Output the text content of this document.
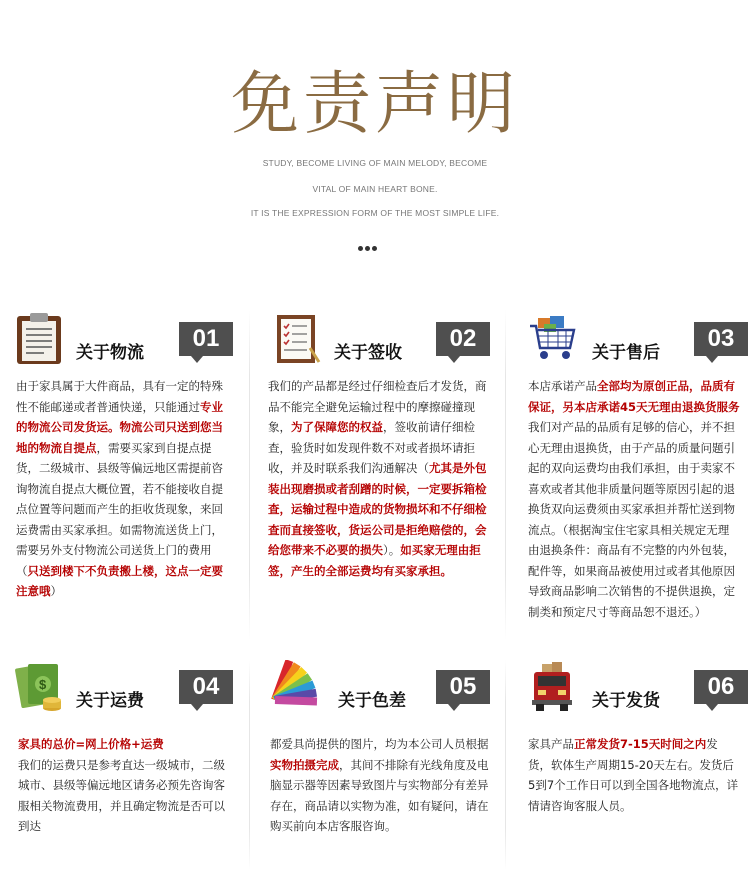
免责声明
STUDY, BECOME LIVING OF MAIN MELODY, BECOME
VITAL OF MAIN HEART BONE.
IT IS THE EXPRESSION FORM OF THE MOST SIMPLE LIFE.
关于物流
01
由于家具属于大件商品，具有一定的特殊性不能邮递或者普通快递，只能通过专业的物流公司发货运。物流公司只送到您当地的物流自提点，需要买家到自提点提货，二级城市、县级等偏远地区需提前咨询物流自提点大概位置，若不能接收自提点位置等问题而产生的拒收货现象，来回运费需由买家承担。如需物流送货上门，需要另外支付物流公司送货上门的费用（只送到楼下不负责搬上楼，这点一定要注意哦）
关于签收
02
我们的产品都是经过仔细检查后才发货，商品不能完全避免运输过程中的摩擦碰撞现象，为了保障您的权益，签收前请仔细检查，验货时如发现件数不对或者损坏请拒收，并及时联系我们沟通解决（尤其是外包装出现磨损或者刮蹭的时候，一定要拆箱检查，运输过程中造成的货物损坏和不仔细检查而直接签收，货运公司是拒绝赔偿的，会给您带来不必要的损失）。如买家无理由拒签，产生的全部运费均有买家承担。
关于售后
03
本店承诺产品全部均为原创正品，品质有保证，另本店承诺45天无理由退换货服务我们对产品的品质有足够的信心，并不担心无理由退换货，由于产品的质量问题引起的双向运费均由我们承担，由于卖家不喜欢或者其他非质量问题等原因引起的退换货双向运费须由买家承担并帮忙送到物流点。（根据淘宝住宅家具相关规定无理由退换条件：商品有不完整的内外包装，配件等，如果商品被使用过或者其他原因导致商品影响二次销售的不提供退换，定制类和预定尺寸等商品恕不退还。）
$
关于运费
04
家具的总价=网上价格+运费
我们的运费只是参考直达一级城市，二级城市、县级等偏远地区请务必预先咨询客服相关物流费用，并且确定物流是否可以到达
关于色差
05
都爱具尚提供的图片，均为本公司人员根据实物拍摄完成，其间不排除有光线角度及电脑显示器等因素导致图片与实物部分有差异存在，商品请以实物为准，如有疑问，请在购买前向本店客服咨询。
关于发货
06
家具产品正常发货7-15天时间之内发货，软体生产周期15-20天左右。发货后5到7个工作日可以到全国各地物流点，详情请咨询客服人员。
